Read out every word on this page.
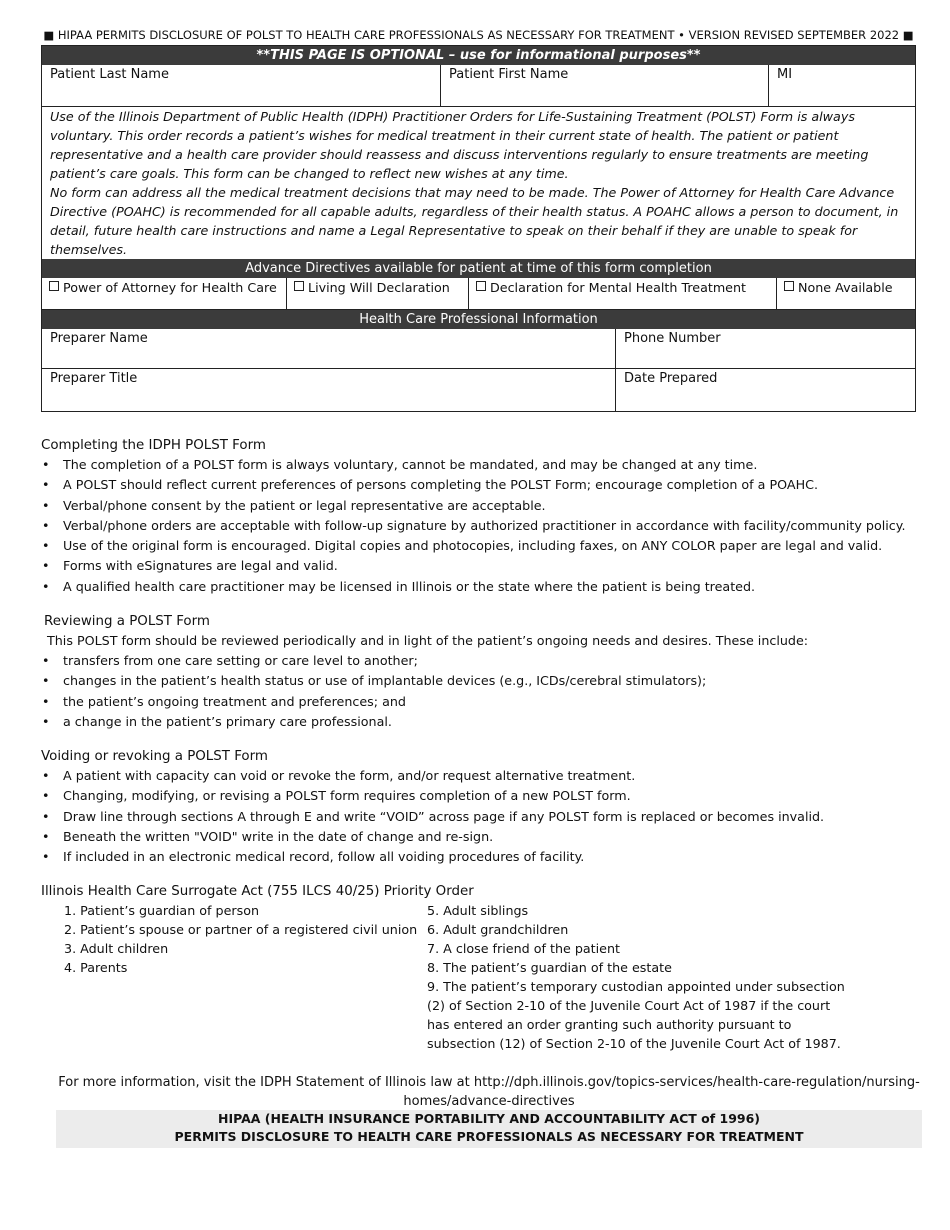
■ HIPAA PERMITS DISCLOSURE OF POLST TO HEALTH CARE PROFESSIONALS AS NECESSARY FOR TREATMENT • VERSION REVISED SEPTEMBER 2022 ■
**THIS PAGE IS OPTIONAL – use for informational purposes**
Patient Last Name	Patient First Name	MI

Use of the Illinois Department of Public Health (IDPH) Practitioner Orders for Life-Sustaining Treatment (POLST) Form is always voluntary. This order records a patient’s wishes for medical treatment in their current state of health. The patient or patient representative and a health care provider should reassess and discuss interventions regularly to ensure treatments are meeting patient’s care goals. This form can be changed to reflect new wishes at any time.

No form can address all the medical treatment decisions that may need to be made. The Power of Attorney for Health Care Advance Directive (POAHC) is recommended for all capable adults, regardless of their health status. A POAHC allows a person to document, in detail, future health care instructions and name a Legal Representative to speak on their behalf if they are unable to speak for themselves.

Advance Directives available for patient at time of this form completion
Power of Attorney for Health Care	Living Will Declaration	Declaration for Mental Health Treatment	None Available
Health Care Professional Information
Preparer Name	Phone Number
Preparer Title	Date Prepared
Completing the IDPH POLST Form
• The completion of a POLST form is always voluntary, cannot be mandated, and may be changed at any time.
• A POLST should reflect current preferences of persons completing the POLST Form; encourage completion of a POAHC.
• Verbal/phone consent by the patient or legal representative are acceptable.
• Verbal/phone orders are acceptable with follow-up signature by authorized practitioner in accordance with facility/community policy.
• Use of the original form is encouraged. Digital copies and photocopies, including faxes, on ANY COLOR paper are legal and valid.
• Forms with eSignatures are legal and valid.
• A qualified health care practitioner may be licensed in Illinois or the state where the patient is being treated.
Reviewing a POLST Form
This POLST form should be reviewed periodically and in light of the patient’s ongoing needs and desires. These include:
• transfers from one care setting or care level to another;
• changes in the patient’s health status or use of implantable devices (e.g., ICDs/cerebral stimulators);
• the patient’s ongoing treatment and preferences; and
• a change in the patient’s primary care professional.
Voiding or revoking a POLST Form
• A patient with capacity can void or revoke the form, and/or request alternative treatment.
• Changing, modifying, or revising a POLST form requires completion of a new POLST form.
• Draw line through sections A through E and write “VOID” across page if any POLST form is replaced or becomes invalid.
• Beneath the written "VOID" write in the date of change and re-sign.
• If included in an electronic medical record, follow all voiding procedures of facility.
Illinois Health Care Surrogate Act (755 ILCS 40/25) Priority Order
1. Patient’s guardian of person
2. Patient’s spouse or partner of a registered civil union
3. Adult children
4. Parents
5. Adult siblings
6. Adult grandchildren
7. A close friend of the patient
8. The patient’s guardian of the estate
9. The patient’s temporary custodian appointed under subsection (2) of Section 2-10 of the Juvenile Court Act of 1987 if the court has entered an order granting such authority pursuant to subsection (12) of Section 2-10 of the Juvenile Court Act of 1987.
For more information, visit the IDPH Statement of Illinois law at http://dph.illinois.gov/topics-services/health-care-regulation/nursing-homes/advance-directives
HIPAA (HEALTH INSURANCE PORTABILITY AND ACCOUNTABILITY ACT of 1996)
PERMITS DISCLOSURE TO HEALTH CARE PROFESSIONALS AS NECESSARY FOR TREATMENT
